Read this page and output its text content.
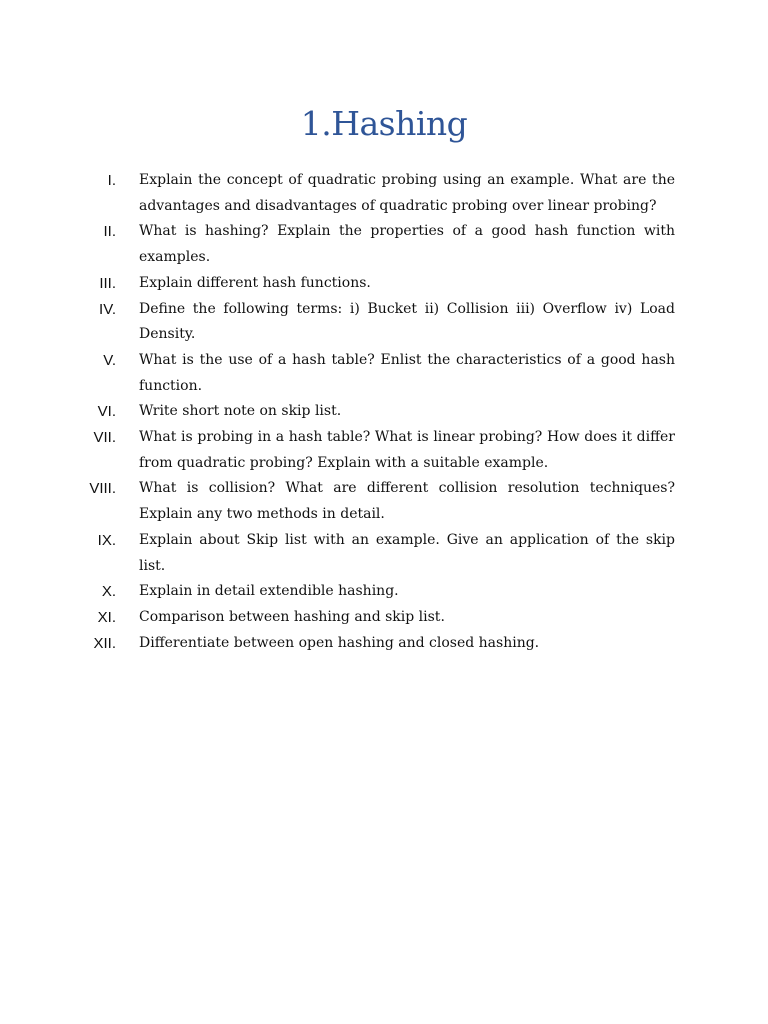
1.Hashing
I. Explain the concept of quadratic probing using an example. What are the advantages and disadvantages of quadratic probing over linear probing?
II. What is hashing? Explain the properties of a good hash function with examples.
III. Explain different hash functions.
IV. Define the following terms: i) Bucket ii) Collision iii) Overflow iv) Load Density.
V. What is the use of a hash table? Enlist the characteristics of a good hash function.
VI. Write short note on skip list.
VII. What is probing in a hash table? What is linear probing? How does it differ from quadratic probing? Explain with a suitable example.
VIII. What is collision? What are different collision resolution techniques? Explain any two methods in detail.
IX. Explain about Skip list with an example. Give an application of the skip list.
X. Explain in detail extendible hashing.
XI. Comparison between hashing and skip list.
XII. Differentiate between open hashing and closed hashing.
